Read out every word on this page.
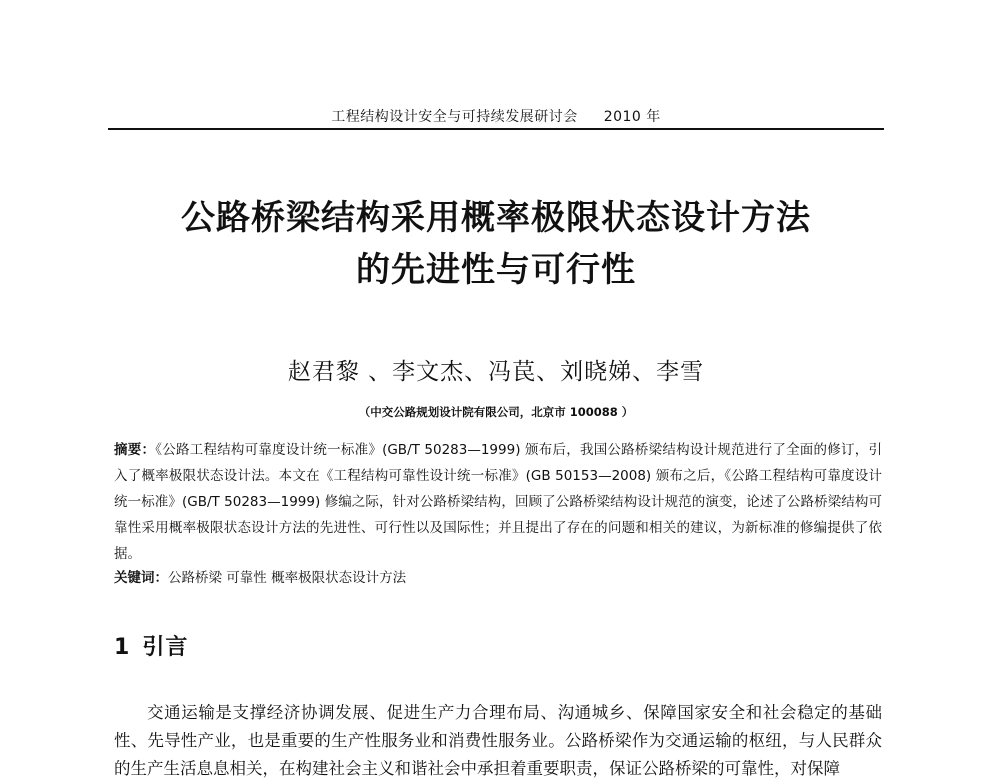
工程结构设计安全与可持续发展研讨会 2010 年
公路桥梁结构采用概率极限状态设计方法
的先进性与可行性
赵君黎 、李文杰、冯苠、刘晓娣、李雪
（中交公路规划设计院有限公司，北京市 100088 ）
摘要：《公路工程结构可靠度设计统一标准》(GB/T 50283—1999) 颁布后，我国公路桥梁结构设计规范进行了全面的修订，引入了概率极限状态设计法。本文在《工程结构可靠性设计统一标准》(GB 50153—2008) 颁布之后，《公路工程结构可靠度设计统一标准》(GB/T 50283—1999) 修编之际，针对公路桥梁结构，回顾了公路桥梁结构设计规范的演变，论述了公路桥梁结构可靠性采用概率极限状态设计方法的先进性、可行性以及国际性；并且提出了存在的问题和相关的建议，为新标准的修编提供了依据。
关键词：公路桥梁 可靠性 概率极限状态设计方法
1 引言
交通运输是支撑经济协调发展、促进生产力合理布局、沟通城乡、保障国家安全和社会稳定的基础性、先导性产业，也是重要的生产性服务业和消费性服务业。公路桥梁作为交通运输的枢纽，与人民群众的生产生活息息相关，在构建社会主义和谐社会中承担着重要职责，保证公路桥梁的可靠性，对保障
